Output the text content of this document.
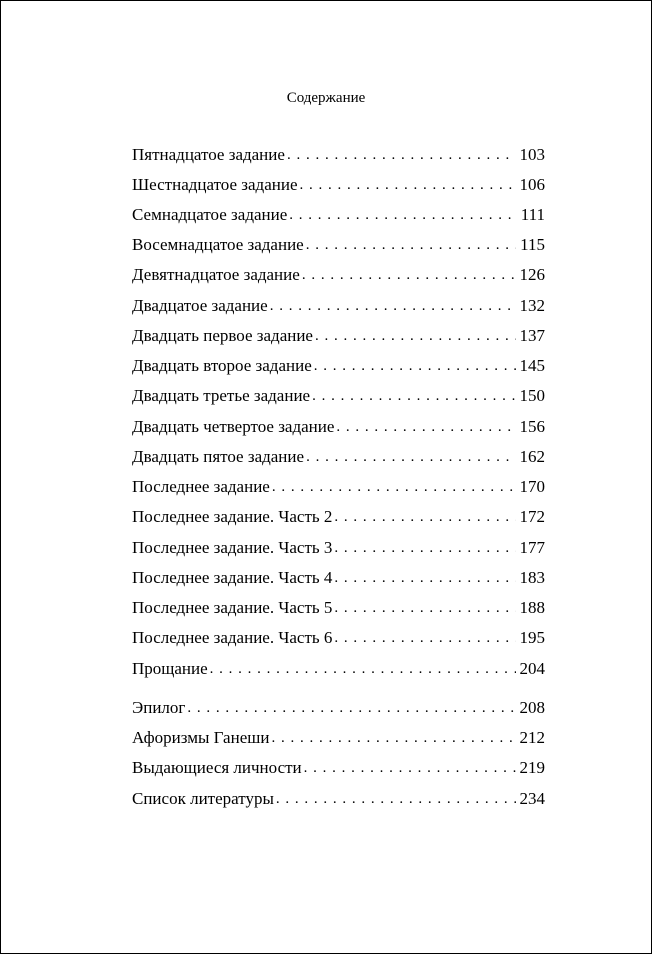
Содержание
Пятнадцатое задание . . .	103
Шестнадцатое задание . . .	106
Семнадцатое задание . . .	111
Восемнадцатое задание . . .	115
Девятнадцатое задание . . .	126
Двадцатое задание . . .	132
Двадцать первое задание . . .	137
Двадцать второе задание . . .	145
Двадцать третье задание . . .	150
Двадцать четвертое задание . . .	156
Двадцать пятое задание . . .	162
Последнее задание . . .	170
Последнее задание. Часть 2 . . .	172
Последнее задание. Часть 3 . . .	177
Последнее задание. Часть 4 . . .	183
Последнее задание. Часть 5 . . .	188
Последнее задание. Часть 6 . . .	195
Прощание . . .	204
Эпилог . . .	208
Афоризмы Ганеши . . .	212
Выдающиеся личности . . .	219
Список литературы . . .	234
